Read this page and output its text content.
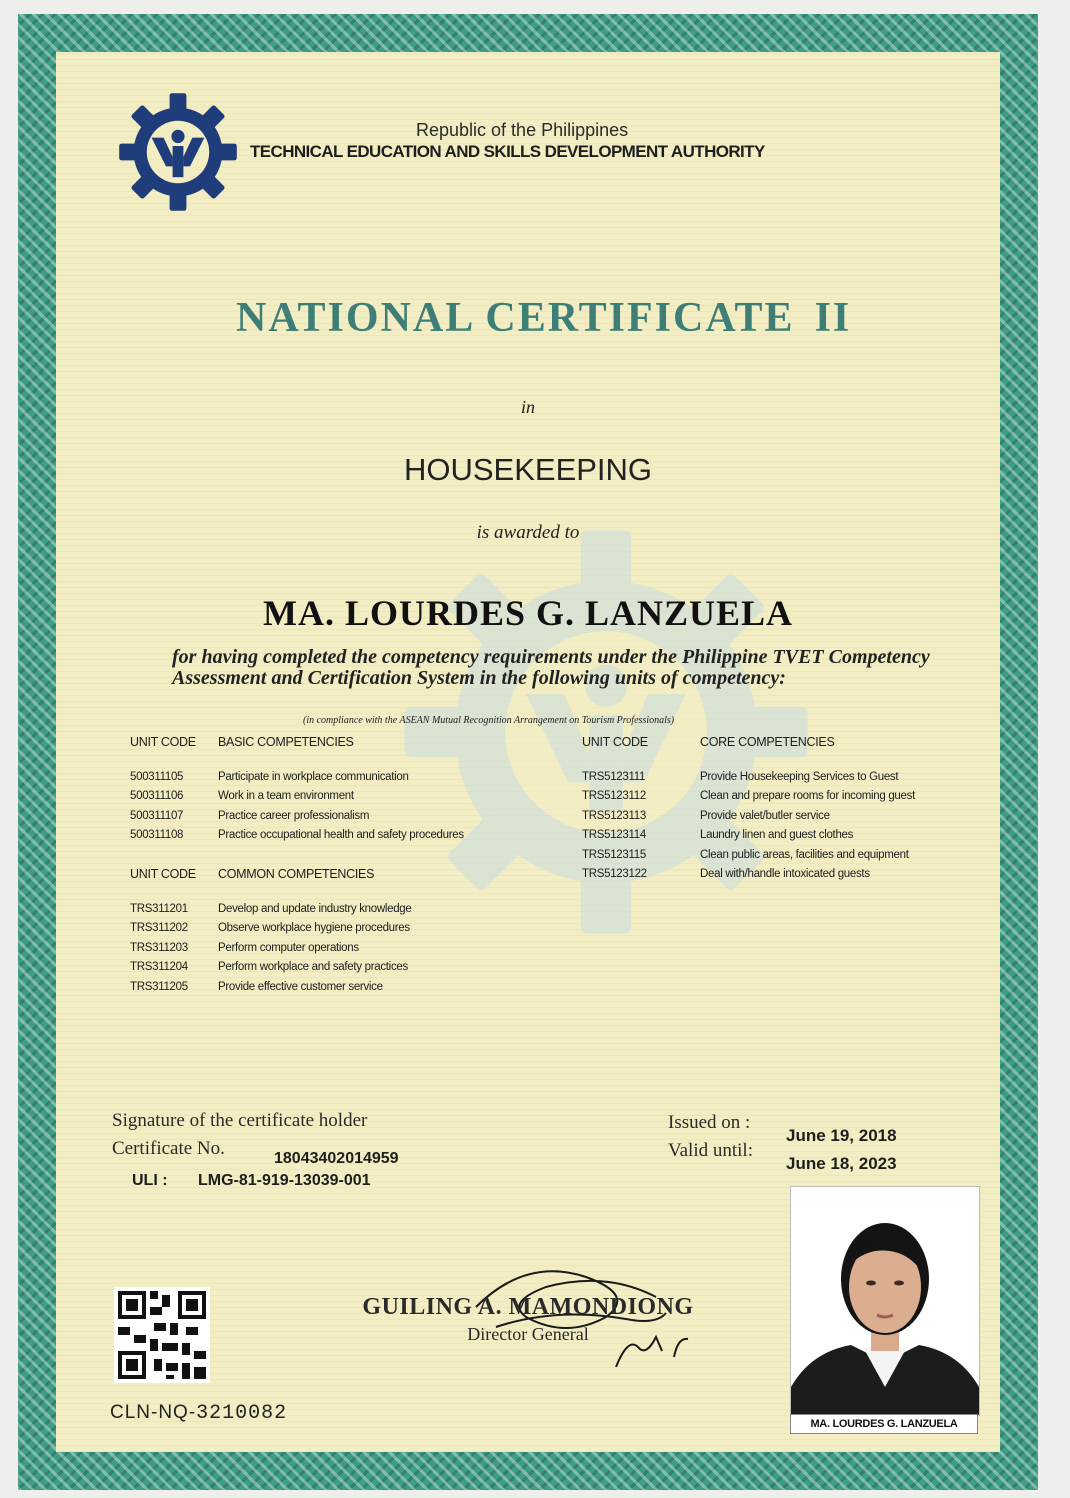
Republic of the Philippines
TECHNICAL EDUCATION AND SKILLS DEVELOPMENT AUTHORITY
NATIONAL CERTIFICATE II
in
HOUSEKEEPING
is awarded to
MA. LOURDES G. LANZUELA
for having completed the competency requirements under the Philippine TVET Competency Assessment and Certification System in the following units of competency:
(in compliance with the ASEAN Mutual Recognition Arrangement on Tourism Professionals)
UNIT CODE	BASIC COMPETENCIES
500311105	Participate in workplace communication
500311106	Work in a team environment
500311107	Practice career professionalism
500311108	Practice occupational health and safety procedures
UNIT CODE	COMMON COMPETENCIES
TRS311201	Develop and update industry knowledge
TRS311202	Observe workplace hygiene procedures
TRS311203	Perform computer operations
TRS311204	Perform workplace and safety practices
TRS311205	Provide effective customer service
UNIT CODE	CORE COMPETENCIES
TRS5123111	Provide Housekeeping Services to Guest
TRS5123112	Clean and prepare rooms for incoming guest
TRS5123113	Provide valet/butler service
TRS5123114	Laundry linen and guest clothes
TRS5123115	Clean public areas, facilities and equipment
TRS5123122	Deal with/handle intoxicated guests
Signature of the certificate holder
Certificate No.	18043402014959
ULI : LMG-81-919-13039-001
Issued on :
Valid until:
June 19, 2018
June 18, 2023
MA. LOURDES G. LANZUELA
GUILING A. MAMONDIONG
Director General
CLN-NQ-3210082
